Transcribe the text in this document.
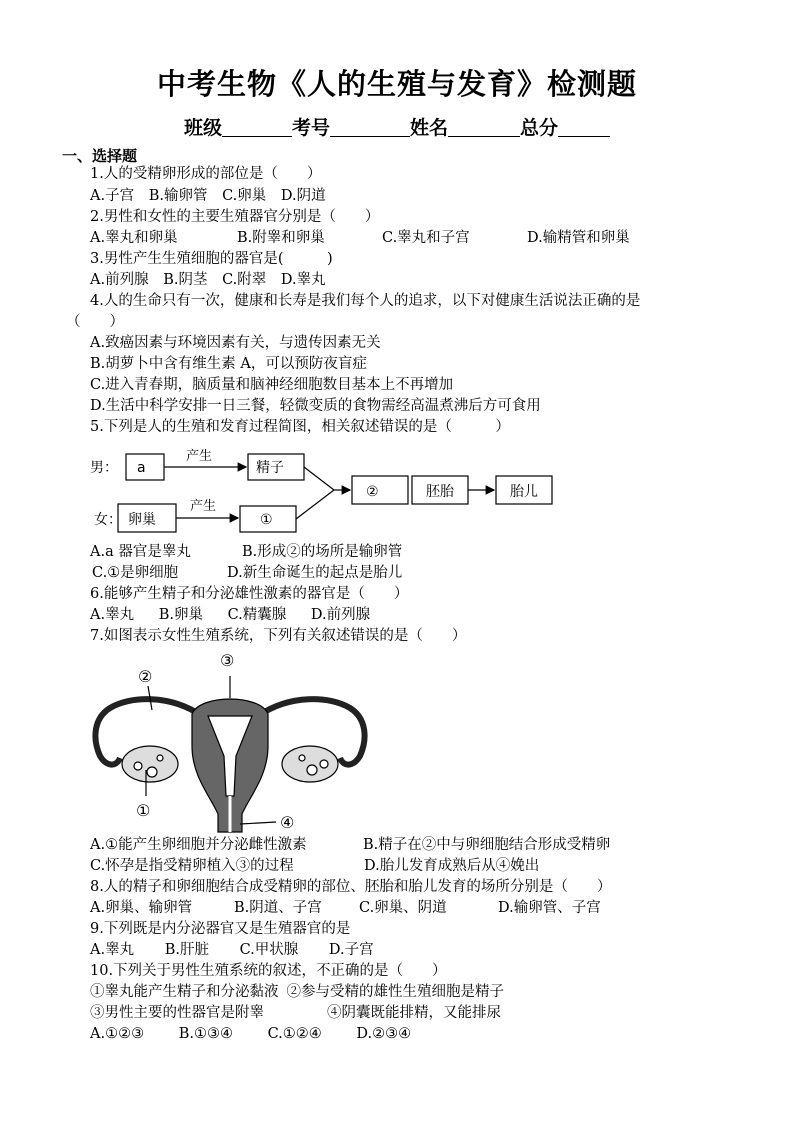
中考生物《人的生殖与发育》检测题
班级	考号	姓名	总分
一、选择题
1.人的受精卵形成的部位是（　　）
A.子宫 B.输卵管 C.卵巢 D.阴道
2.男性和女性的主要生殖器官分别是（　　）
A.睾丸和卵巢	B.附睾和卵巢	C.睾丸和子宫	D.输精管和卵巢
3.男性产生生殖细胞的器官是(　　　)
A.前列腺 B.阴茎 C.附翠 D.睾丸
4.人的生命只有一次，健康和长寿是我们每个人的追求，以下对健康生活说法正确的是
（　　）
A.致癌因素与环境因素有关，与遗传因素无关
B.胡萝卜中含有维生素 A，可以预防夜盲症
C.进入青春期，脑质量和脑神经细胞数目基本上不再增加
D.生活中科学安排一日三餐，轻微变质的食物需经高温煮沸后方可食用
5.下列是人的生殖和发育过程简图，相关叙述错误的是（　　　）
男： a
产生
精子
女： 卵巢
产生
①
②	胚胎	胎儿
A.a 器官是睾丸	B.形成②的场所是输卵管
C.①是卵细胞	D.新生命诞生的起点是胎儿
6.能够产生精子和分泌雄性激素的器官是（　　）
A.睾丸 B.卵巢 C.精囊腺 D.前列腺
7.如图表示女性生殖系统，下列有关叙述错误的是（　　）
②
③
①
④
A.①能产生卵细胞并分泌雌性激素	B.精子在②中与卵细胞结合形成受精卵
C.怀孕是指受精卵植入③的过程	D.胎儿发育成熟后从④娩出
8.人的精子和卵细胞结合成受精卵的部位、胚胎和胎儿发育的场所分别是（　　）
A.卵巢、输卵管	B.阴道、子宫	C.卵巢、阴道	D.输卵管、子宫
9.下列既是内分泌器官又是生殖器官的是
A.睾丸 B.肝脏 C.甲状腺 D.子宫
10.下列关于男性生殖系统的叙述，不正确的是（　　）
①睾丸能产生精子和分泌黏液 ②参与受精的雄性生殖细胞是精子
③男性主要的性器官是附睾	④阴囊既能排精，又能排尿
A.①②③ B.①③④ C.①②④ D.②③④
